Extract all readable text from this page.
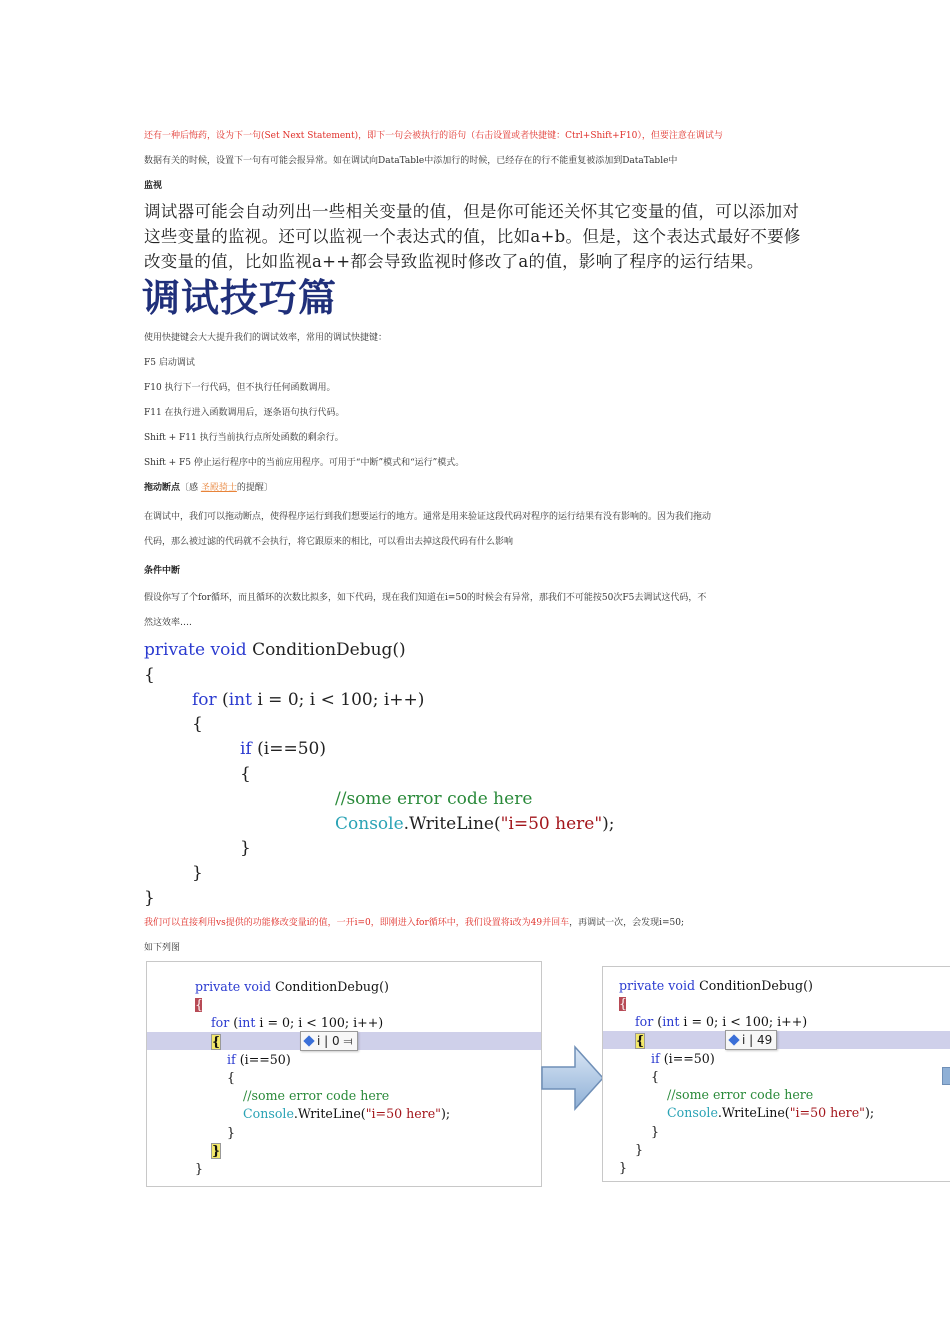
还有一种后悔药，设为下一句(Set Next Statement)，即下一句会被执行的语句（右击设置或者快捷键：Ctrl+Shift+F10），但要注意在调试与

数据有关的时候，设置下一句有可能会报异常。如在调试向DataTable中添加行的时候，已经存在的行不能重复被添加到DataTable中

监视

调试器可能会自动列出一些相关变量的值，但是你可能还关怀其它变量的值，可以添加对这些变量的监视。还可以监视一个表达式的值，比如a+b。但是，这个表达式最好不要修改变量的值，比如监视a++都会导致监视时修改了a的值，影响了程序的运行结果。

调试技巧篇

使用快捷键会大大提升我们的调试效率，常用的调试快捷键：

F5 启动调试

F10 执行下一行代码，但不执行任何函数调用。

F11 在执行进入函数调用后，逐条语句执行代码。

Shift + F11 执行当前执行点所处函数的剩余行。

Shift + F5 停止运行程序中的当前应用程序。可用于“中断”模式和“运行”模式。

拖动断点〔感 圣殿骑士的提醒〕

在调试中，我们可以拖动断点，使得程序运行到我们想要运行的地方。通常是用来验证这段代码对程序的运行结果有没有影响的。因为我们拖动

代码，那么被过滤的代码就不会执行，将它跟原来的相比，可以看出去掉这段代码有什么影响

条件中断

假设你写了个for循环，而且循环的次数比拟多，如下代码，现在我们知道在i=50的时候会有异常，那我们不可能按50次F5去调试这代码，不

然这效率….

private void ConditionDebug()

{

for (int i = 0; i < 100; i++)

{

if (i==50)

{

//some error code here

Console.WriteLine("i=50 here");

}

}

}

我们可以直接利用vs提供的功能修改变量i的值，一开i=0，即刚进入for循环中，我们设置将i改为49并回车，再调试一次，会发现i=50;

如下列图

private void ConditionDebug()
{
for (int i = 0; i < 100; i++)
{
if (i==50)
{
//some error code here
Console.WriteLine("i=50 here");
}
}
}
i | 0 ⫤
private void ConditionDebug()
{
for (int i = 0; i < 100; i++)
{
if (i==50)
{
//some error code here
Console.WriteLine("i=50 here");
}
}
}
i | 49
